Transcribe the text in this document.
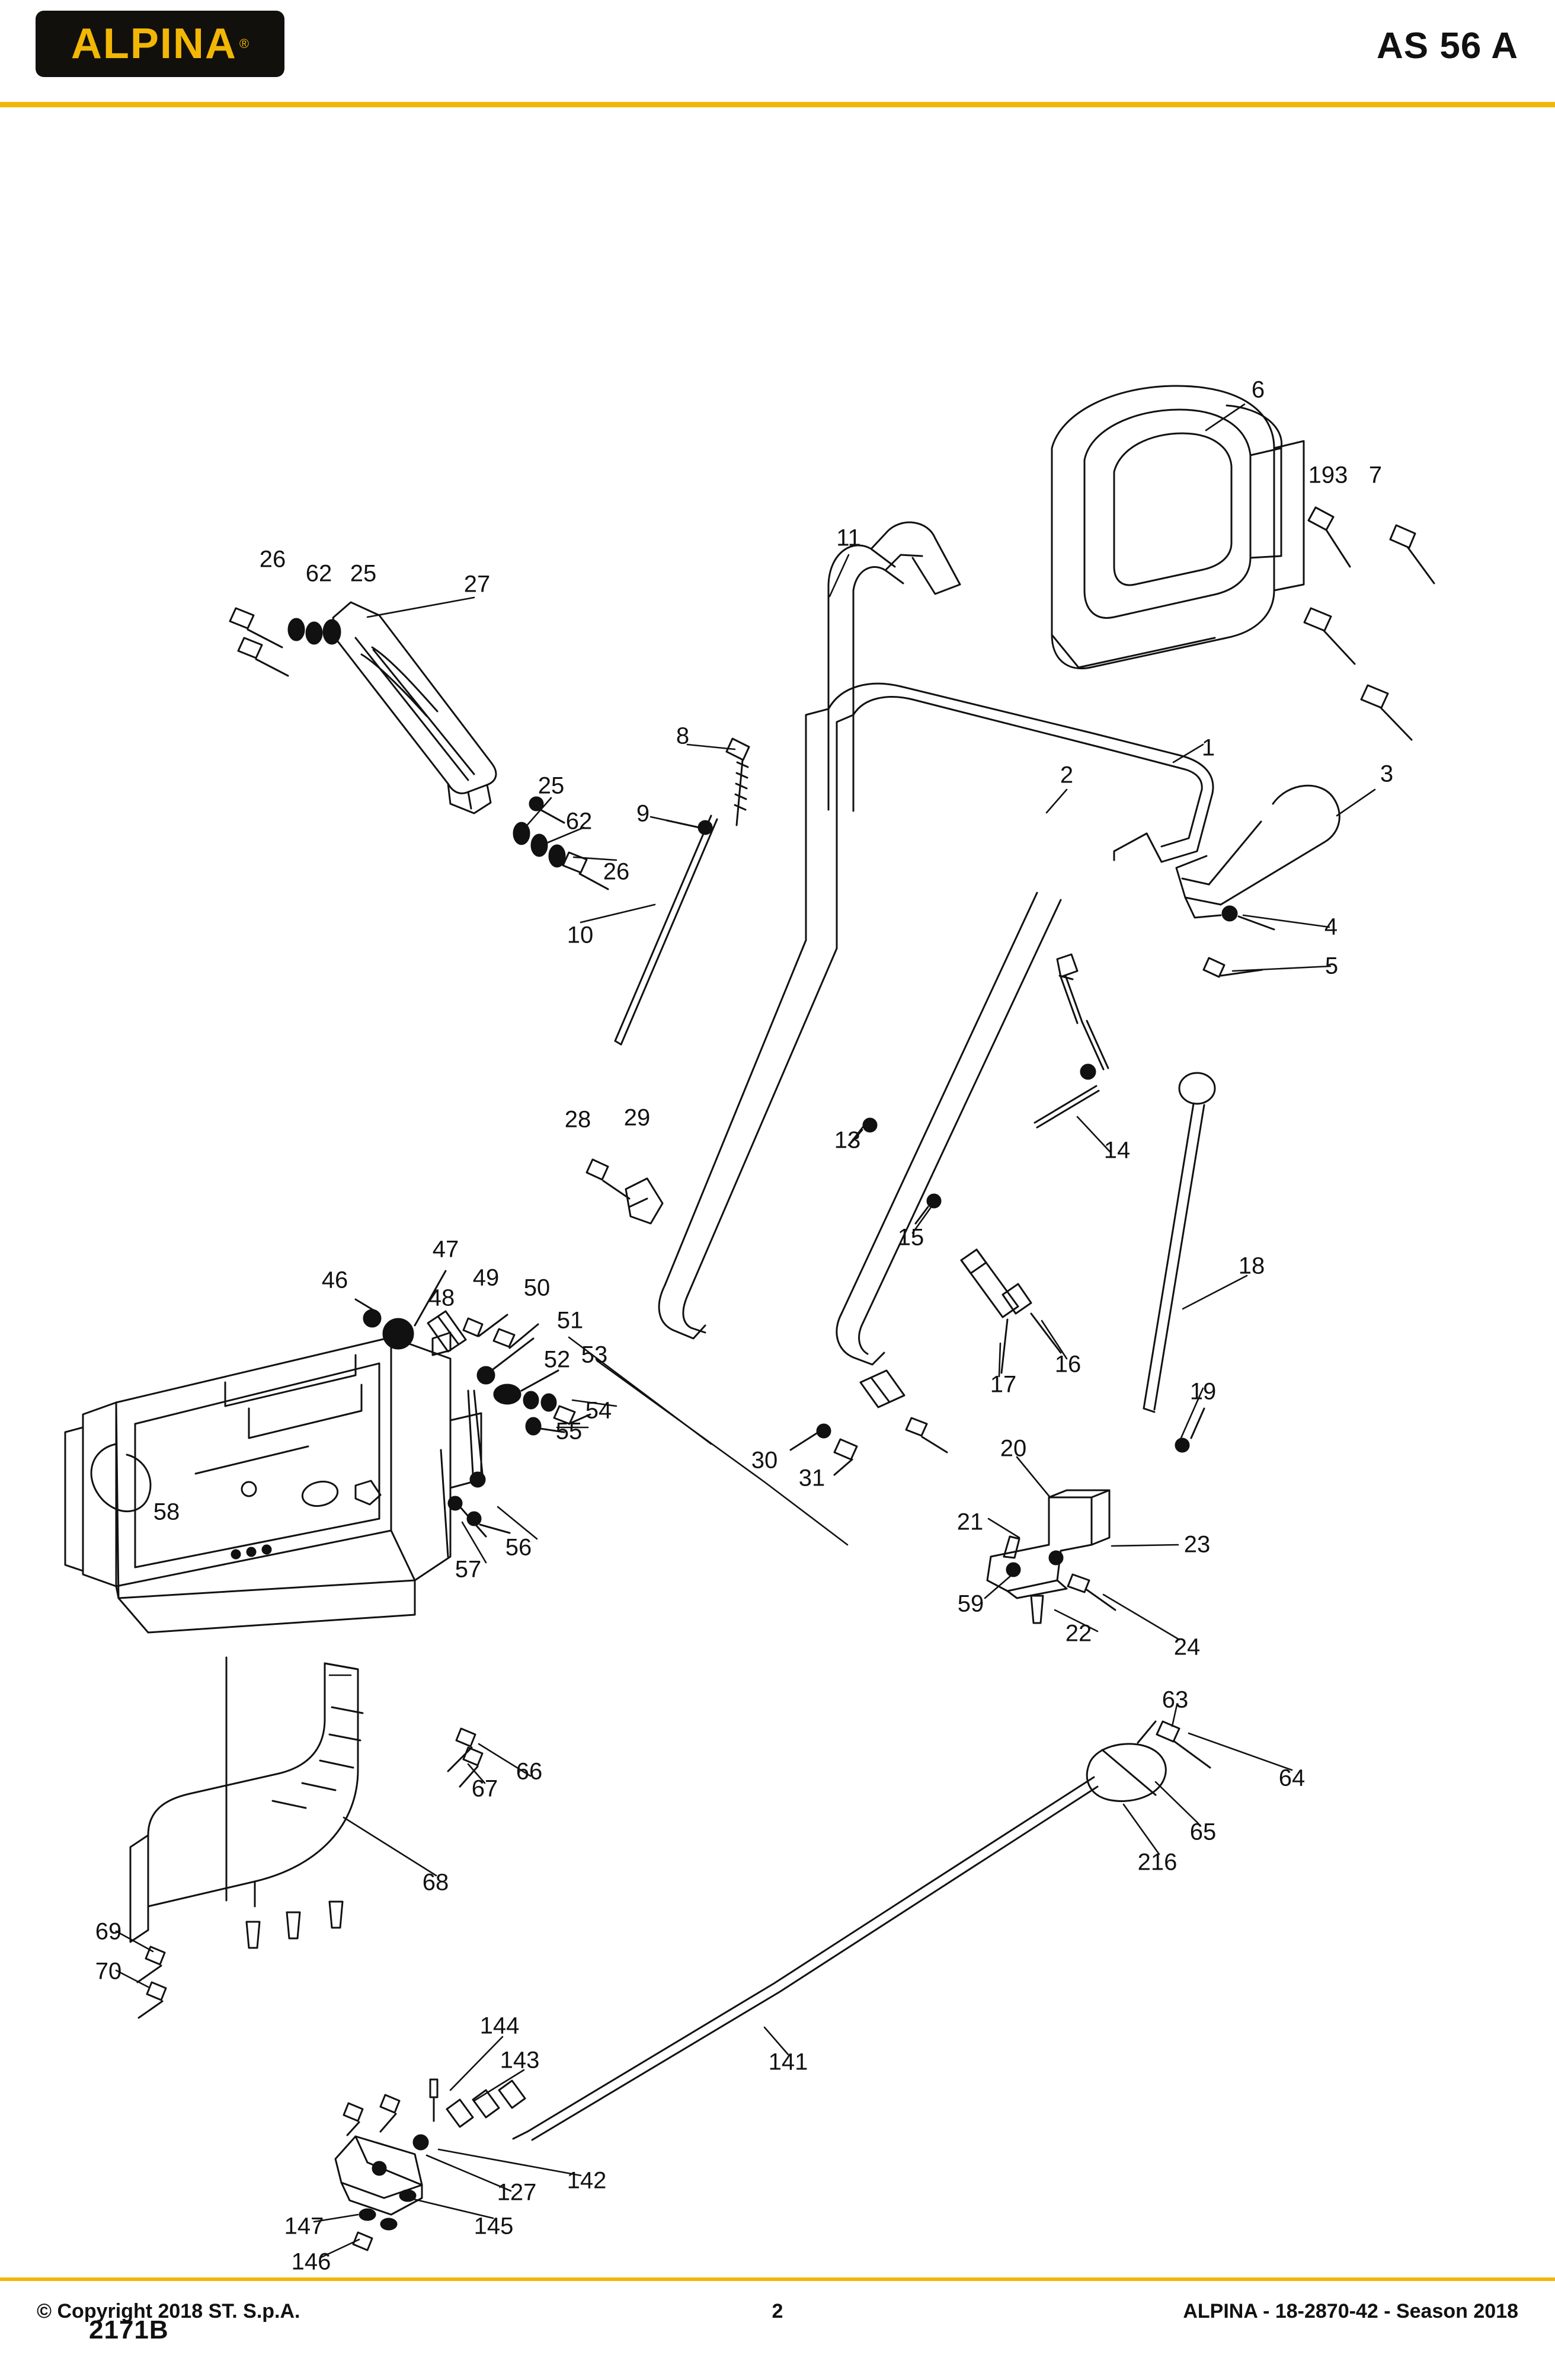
ALPINA ®	AS 56 A
2171B
6
193 7
26
62 25	27
11
1
2	3
8
9
25
62
26
10	4
5
13	14
15
16
17
18
19
28 29
46
47
48
49 50
51
52 53
54
55
56
57
58
30
31
20
21
59
22
23
24
63
64
65
216
67
66
68
69
70
141
144
143
142
127
145
147
146
© Copyright 2018 ST. S.p.A.	2	ALPINA - 18-2870-42 - Season 2018
